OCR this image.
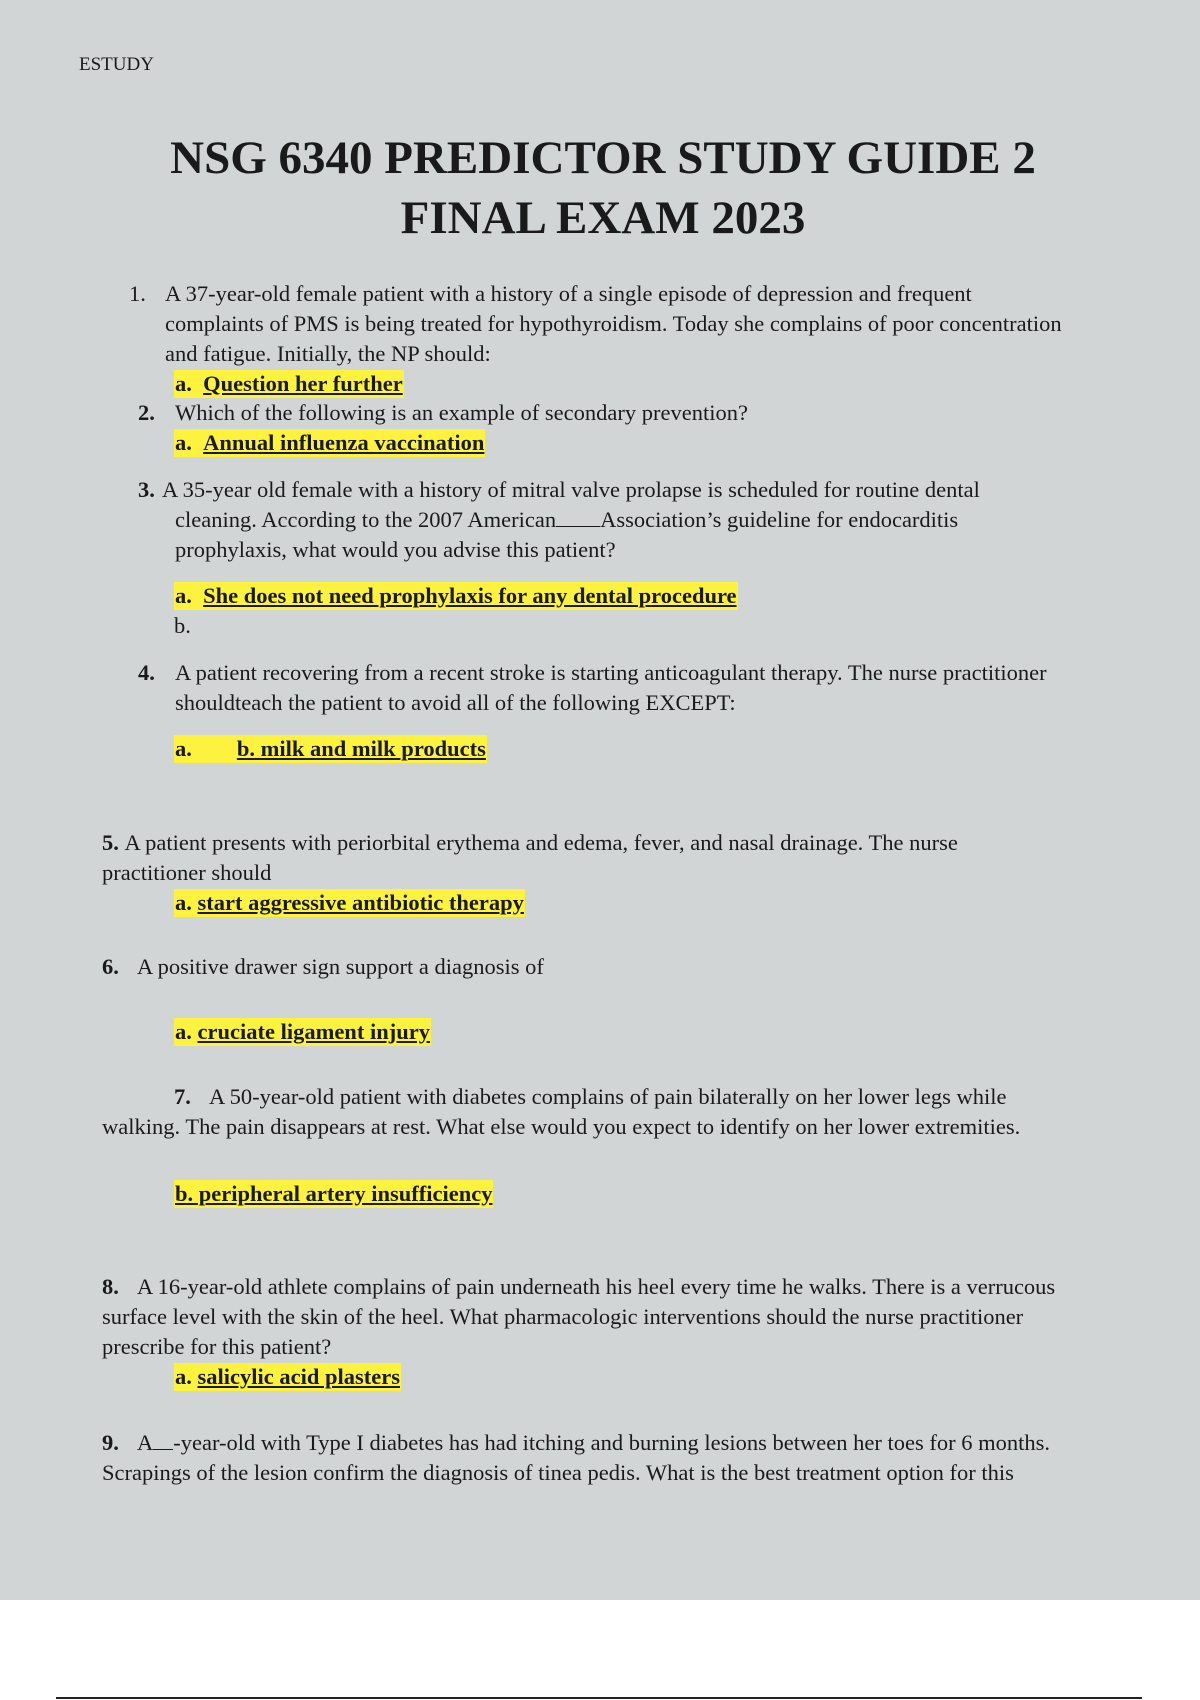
ESTUDY
NSG 6340 PREDICTOR STUDY GUIDE 2
FINAL EXAM 2023
1. A 37-year-old female patient with a history of a single episode of depression and frequent
complaints of PMS is being treated for hypothyroidism. Today she complains of poor concentration
and fatigue. Initially, the NP should:
a. Question her further
2. Which of the following is an example of secondary prevention?
a. Annual influenza vaccination
3. A 35-year old female with a history of mitral valve prolapse is scheduled for routine dental
cleaning. According to the 2007 American Association’s guideline for endocarditis
prophylaxis, what would you advise this patient?
a. She does not need prophylaxis for any dental procedure
b.
4. A patient recovering from a recent stroke is starting anticoagulant therapy. The nurse practitioner
shouldteach the patient to avoid all of the following EXCEPT:
a. b. milk and milk products
5. A patient presents with periorbital erythema and edema, fever, and nasal drainage. The nurse
practitioner should
a. start aggressive antibiotic therapy
6. A positive drawer sign support a diagnosis of
a. cruciate ligament injury
7. A 50-year-old patient with diabetes complains of pain bilaterally on her lower legs while
walking. The pain disappears at rest. What else would you expect to identify on her lower extremities.
b. peripheral artery insufficiency
8. A 16-year-old athlete complains of pain underneath his heel every time he walks. There is a verrucous
surface level with the skin of the heel. What pharmacologic interventions should the nurse practitioner
prescribe for this patient?
a. salicylic acid plasters
9. A -year-old with Type I diabetes has had itching and burning lesions between her toes for 6 months.
Scrapings of the lesion confirm the diagnosis of tinea pedis. What is the best treatment option for this
